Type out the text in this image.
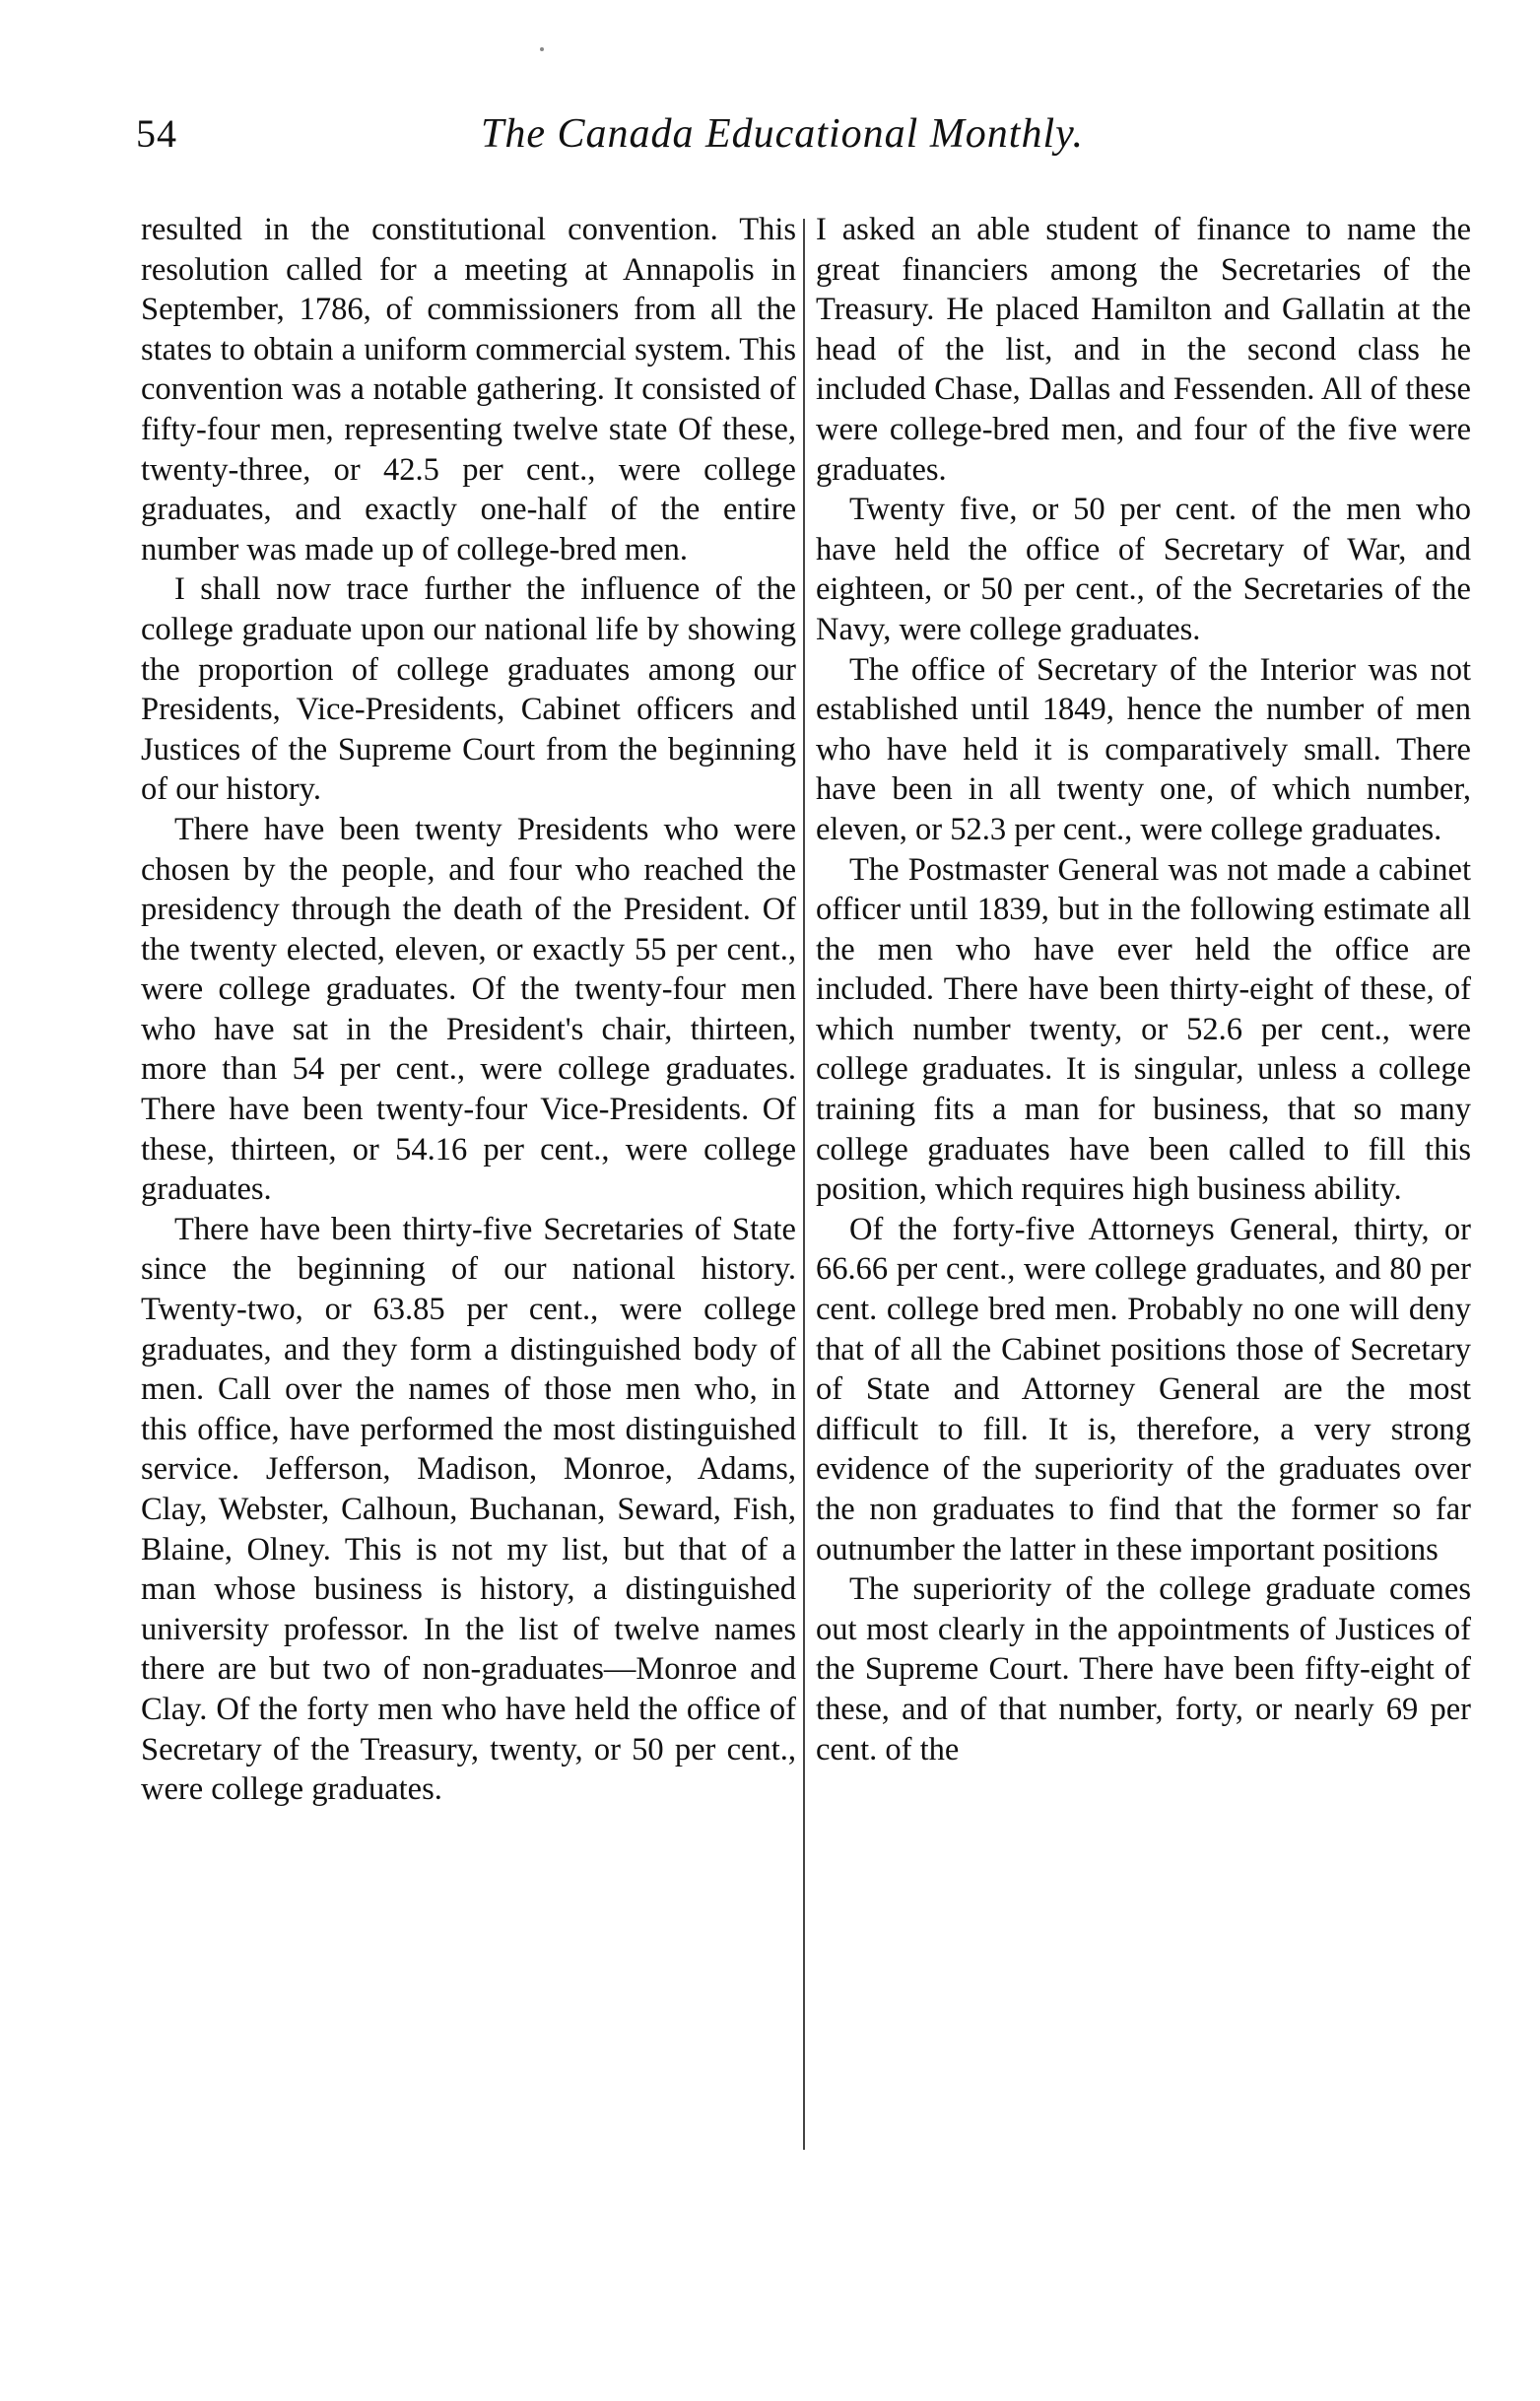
54	The Canada Educational Monthly.

resulted in the constitutional convention. This resolution called for a meeting at Annapolis in September, 1786, of commissioners from all the states to obtain a uniform commercial system. This convention was a notable gathering. It consisted of fifty-four men, representing twelve state Of these, twenty-three, or 42.5 per cent., were college graduates, and exactly one-half of the entire number was made up of college-bred men.

I shall now trace further the influence of the college graduate upon our national life by showing the proportion of college graduates among our Presidents, Vice-Presidents, Cabinet officers and Justices of the Supreme Court from the beginning of our history.

There have been twenty Presidents who were chosen by the people, and four who reached the presidency through the death of the President. Of the twenty elected, eleven, or exactly 55 per cent., were college graduates. Of the twenty-four men who have sat in the President's chair, thirteen, more than 54 per cent., were college graduates. There have been twenty-four Vice-Presidents. Of these, thirteen, or 54.16 per cent., were college graduates.

There have been thirty-five Secretaries of State since the beginning of our national history. Twenty-two, or 63.85 per cent., were college graduates, and they form a distinguished body of men. Call over the names of those men who, in this office, have performed the most distinguished service. Jefferson, Madison, Monroe, Adams, Clay, Webster, Calhoun, Buchanan, Seward, Fish, Blaine, Olney. This is not my list, but that of a man whose business is history, a distinguished university professor. In the list of twelve names there are but two of non-graduates—Monroe and Clay. Of the forty men who have held the office of Secretary of the Treasury, twenty, or 50 per cent., were college graduates.

I asked an able student of finance to name the great financiers among the Secretaries of the Treasury. He placed Hamilton and Gallatin at the head of the list, and in the second class he included Chase, Dallas and Fessenden. All of these were college-bred men, and four of the five were graduates.

Twenty five, or 50 per cent. of the men who have held the office of Secretary of War, and eighteen, or 50 per cent., of the Secretaries of the Navy, were college graduates.

The office of Secretary of the Interior was not established until 1849, hence the number of men who have held it is comparatively small. There have been in all twenty one, of which number, eleven, or 52.3 per cent., were college graduates.

The Postmaster General was not made a cabinet officer until 1839, but in the following estimate all the men who have ever held the office are included. There have been thirty-eight of these, of which number twenty, or 52.6 per cent., were college graduates. It is singular, unless a college training fits a man for business, that so many college graduates have been called to fill this position, which requires high business ability.

Of the forty-five Attorneys General, thirty, or 66.66 per cent., were college graduates, and 80 per cent. college bred men. Probably no one will deny that of all the Cabinet positions those of Secretary of State and Attorney General are the most difficult to fill. It is, therefore, a very strong evidence of the superiority of the graduates over the non graduates to find that the former so far outnumber the latter in these important positions

The superiority of the college graduate comes out most clearly in the appointments of Justices of the Supreme Court. There have been fifty-eight of these, and of that number, forty, or nearly 69 per cent. of the
